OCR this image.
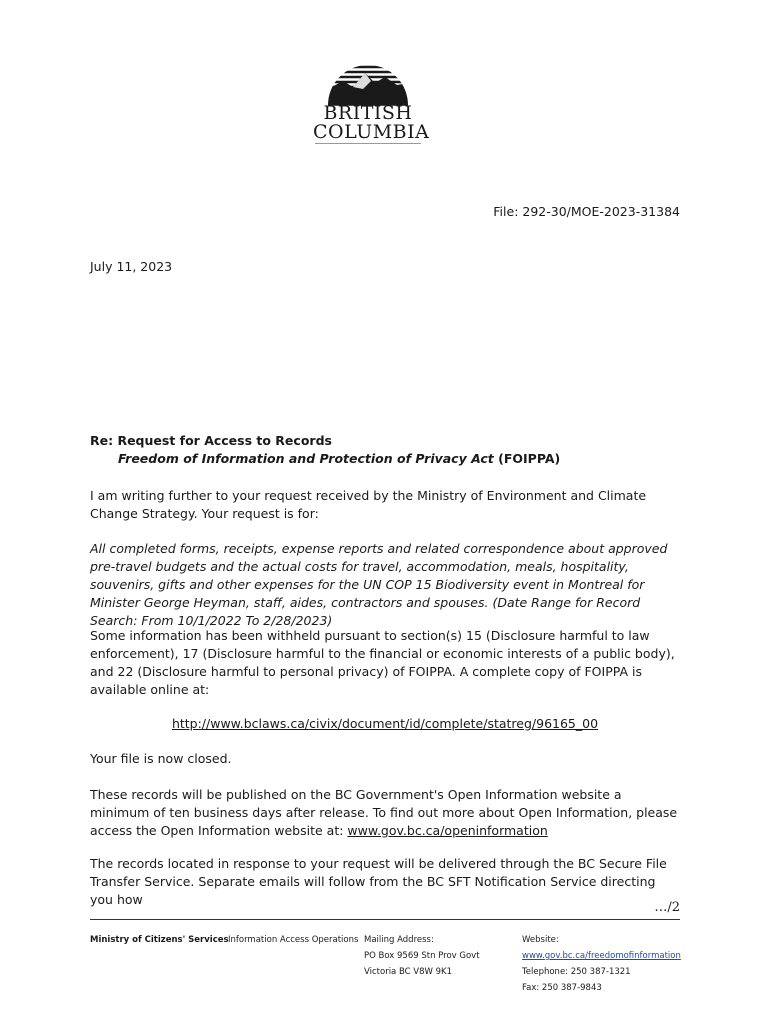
BRITISH
COLUMBIA
File: 292-30/MOE-2023-31384
July 11, 2023
Re: Request for Access to Records
Freedom of Information and Protection of Privacy Act (FOIPPA)
I am writing further to your request received by the Ministry of Environment and Climate Change Strategy. Your request is for:
All completed forms, receipts, expense reports and related correspondence about approved pre-travel budgets and the actual costs for travel, accommodation, meals, hospitality, souvenirs, gifts and other expenses for the UN COP 15 Biodiversity event in Montreal for Minister George Heyman, staff, aides, contractors and spouses. (Date Range for Record Search: From 10/1/2022 To 2/28/2023)
Some information has been withheld pursuant to section(s) 15 (Disclosure harmful to law enforcement), 17 (Disclosure harmful to the financial or economic interests of a public body), and 22 (Disclosure harmful to personal privacy) of FOIPPA. A complete copy of FOIPPA is available online at:
http://www.bclaws.ca/civix/document/id/complete/statreg/96165_00
Your file is now closed.
These records will be published on the BC Government's Open Information website a minimum of ten business days after release. To find out more about Open Information, please access the Open Information website at: www.gov.bc.ca/openinformation
The records located in response to your request will be delivered through the BC Secure File Transfer Service. Separate emails will follow from the BC SFT Notification Service directing you how
…/2
Ministry of Citizens' Services Information Access Operations Mailing Address:
PO Box 9569 Stn Prov Govt
Victoria BC V8W 9K1
Website:
www.gov.bc.ca/freedomofinformation
Telephone: 250 387-1321
Fax: 250 387-9843
